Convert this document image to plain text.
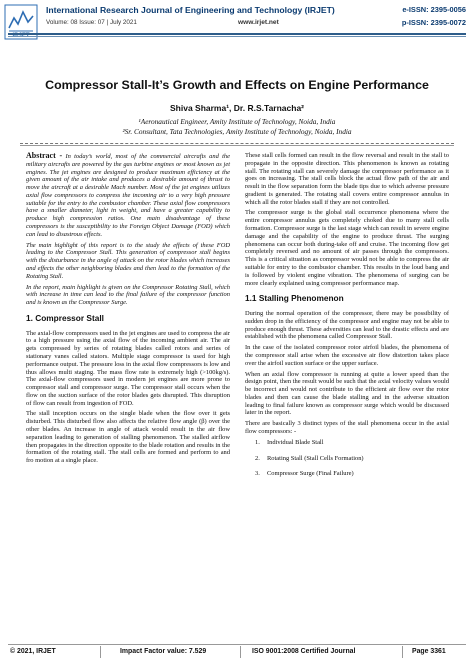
International Research Journal of Engineering and Technology (IRJET)
Volume: 08 Issue: 07 | July 2021	www.irjet.net
e-ISSN: 2395-0056
p-ISSN: 2395-0072
Compressor Stall-It’s Growth and Effects on Engine Performance
Shiva Sharma¹, Dr. R.S.Tarnacha²
¹Aeronautical Engineer, Amity Institute of Technology, Noida, India
²Sr. Consultant, Tata Technologies, Amity Institute of Technology, Noida, India

Abstract - In today’s world, most of the commercial aircrafts and the military aircrafts are powered by the gas turbine engines or most known as jet engines. The jet engines are designed to produce maximum efficiency at the given amount of the air intake and produces a desirable amount of thrust to move the aircraft at a desirable Mach number. Most of the jet engines utilizes axial flow compressors to compress the incoming air to a very high pressure suitable for the entry to the combustor chamber. These axial flow compressors have a smaller diameter, light in weight, and have a greater capability to produce high compression ratios. One main disadvantage of these compressors is the susceptibility to the Foreign Object Damage (FOD) which can lead to disastrous effects.

The main highlight of this report is to the study the effects of these FOD leading to the Compressor Stall. This generation of compressor stall begins with the disturbance in the angle of attack on the rotor blades which increases and effects the other neighboring blades and then lead to the formation of the Rotating Stall.

In the report, main highlight is given on the Compressor Rotating Stall, which with increase in time can lead to the final failure of the compressor function and is known as the Compressor Surge.

1. Compressor Stall

The axial-flow compressors used in the jet engines are used to compress the air to a high pressure using the axial flow of the incoming ambient air. The air gets compressed by series of rotating blades called rotors and series of stationary vanes called stators. Multiple stage compressor is used for high performance output. The pressure loss in the axial flow compressors is low and thus allows multi staging. The mass flow rate is extremely high (>100kg/s). The axial-flow compressors used in modern jet engines are more prone to compressor stall and compressor surge. The compressor stall occurs when the flow on the suction surface of the rotor blades gets disrupted. This disruption of flow can result from ingestion of FOD.

The stall inception occurs on the single blade when the flow over it gets disturbed. This disturbed flow also affects the relative flow angle (β) over the other blades. An increase in angle of attack would result in the air flow separation leading to generation of stalling phenomenon. The stalled airflow then propagates in the direction opposite to the blade rotation and results in the formation of the rotating stall. The stall cells are formed and perform to and fro motion at a single place.

These stall cells formed can result in the flow reversal and result in the stall to propagate in the opposite direction. This phenomenon is known as rotating stall. The rotating stall can severely damage the compressor performance as it goes on increasing. The stall cells block the actual flow path of the air and result in the flow separation form the blade tips due to which adverse pressure gradient is generated. The rotating stall covers entire compressor annulus in which all the rotor blades stall if they are not controlled.

The compressor surge is the global stall occurrence phenomena where the entire compressor annulus gets completely choked due to many stall cells formation. Compressor surge is the last stage which can result in severe engine damage and the capability of the engine to produce thrust. The surging phenomena can occur both during-take off and cruise. The incoming flow get completely reversed and no amount of air passes through the compressors. This is a critical situation as compressor would not be able to compress the air suitable for entry to the combustor chamber. This results in the loud bang and is followed by violent engine vibration. The phenomena of surging can be more clearly explained using compressor performance map.

1.1 Stalling Phenomenon

During the normal operation of the compressor, there may be possibility of sudden drop in the efficiency of the compressor and engine may not be able to produce enough thrust. These adversities can lead to the drastic effects and are established with the phenomena called Compressor Stall.

In the case of the isolated compressor rotor airfoil blades, the phenomena of the compressor stall arise when the excessive air flow distortion takes place over the airfoil suction surface or the upper surface.

When an axial flow compressor is running at quite a lower speed than the design point, then the result would be such that the axial velocity values would be incorrect and would not contribute to the efficient air flow over the rotor blades and then can cause the blade stalling and in the adverse situation leading to final failure known as compressor surge which would be discussed later in the report.

There are basically 3 distinct types of the stall phenomena occur in the axial flow compressors: -

1. Individual Blade Stall
2. Rotating Stall (Stall Cells Formation)
3. Compressor Surge (Final Failure)
© 2021, IRJET	Impact Factor value: 7.529	ISO 9001:2008 Certified Journal	Page 3361
